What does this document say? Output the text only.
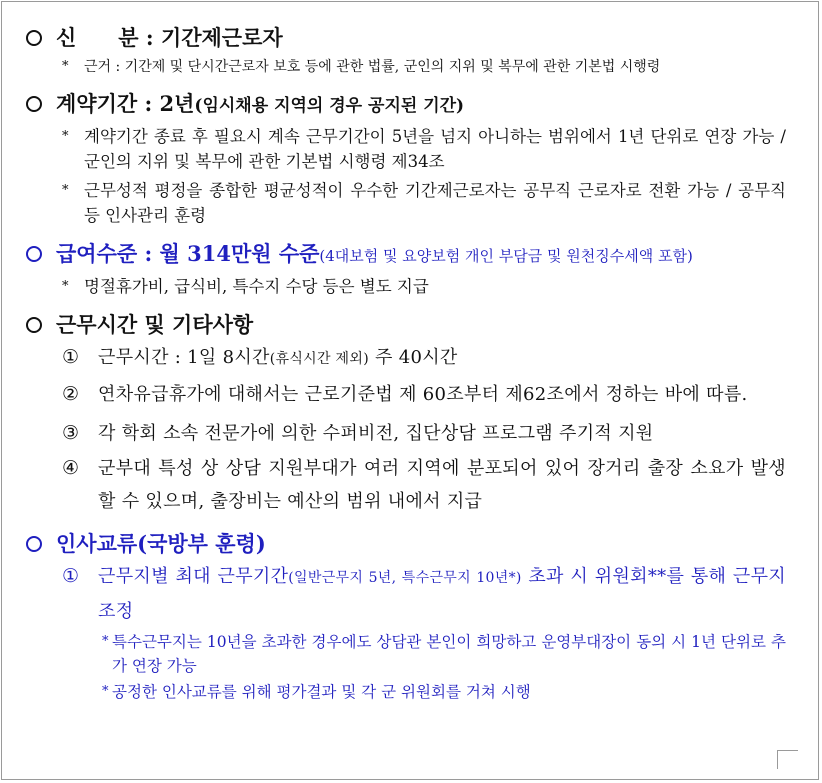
신　　분 : 기간제근로자
* 근거 : 기간제 및 단시간근로자 보호 등에 관한 법률, 군인의 지위 및 복무에 관한 기본법 시행령
계약기간 : 2년 (임시채용 지역의 경우 공지된 기간)
* 계약기간 종료 후 필요시 계속 근무기간이 5년을 넘지 아니하는 범위에서 1년 단위로 연장 가능 / 군인의 지위 및 복무에 관한 기본법 시행령 제34조
* 근무성적 평정을 종합한 평균성적이 우수한 기간제근로자는 공무직 근로자로 전환 가능 / 공무직 등 인사관리 훈령
급여수준 : 월 314만원 수준 (4대보험 및 요양보험 개인 부담금 및 원천징수세액 포함)
* 명절휴가비, 급식비, 특수지 수당 등은 별도 지급
근무시간 및 기타사항
① 근무시간 : 1일 8시간(휴식시간 제외) 주 40시간
② 연차유급휴가에 대해서는 근로기준법 제 60조부터 제62조에서 정하는 바에 따름.
③ 각 학회 소속 전문가에 의한 수퍼비전, 집단상담 프로그램 주기적 지원
④ 군부대 특성 상 상담 지원부대가 여러 지역에 분포되어 있어 장거리 출장 소요가 발생할 수 있으며, 출장비는 예산의 범위 내에서 지급
인사교류(국방부 훈령)
① 근무지별 최대 근무기간(일반근무지 5년, 특수근무지 10년*) 초과 시 위원회**를 통해 근무지 조정
* 특수근무지는 10년을 초과한 경우에도 상담관 본인이 희망하고 운영부대장이 동의 시 1년 단위로 추가 연장 가능
* 공정한 인사교류를 위해 평가결과 및 각 군 위원회를 거쳐 시행
